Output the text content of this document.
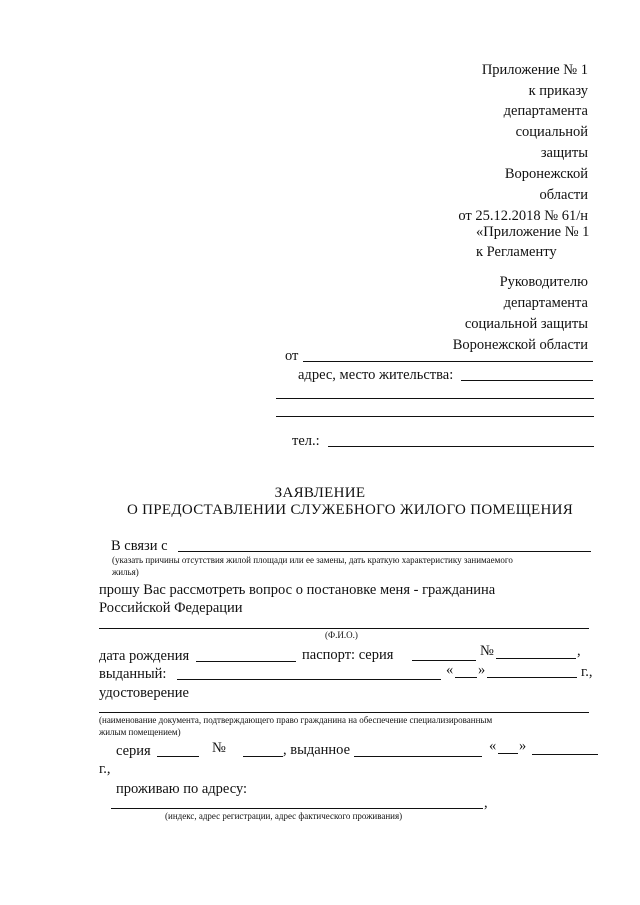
Приложение № 1
к приказу
департамента
социальной
защиты
Воронежской
области
от 25.12.2018 № 61/н
«Приложение № 1
к Регламенту
Руководителю
департамента
социальной защиты
Воронежской области
от
адрес, место жительства:
тел.:
ЗАЯВЛЕНИЕ
О ПРЕДОСТАВЛЕНИИ СЛУЖЕБНОГО ЖИЛОГО ПОМЕЩЕНИЯ
В связи с
(указать причины отсутствия жилой площади или ее замены, дать краткую характеристику занимаемого
жилья)
прошу Вас рассмотреть вопрос о постановке меня - гражданина
Российской Федерации
(Ф.И.О.)
дата рождения	паспорт: серия	№	,
выданный:	« »	г.,
удостоверение
(наименование документа, подтверждающего право гражданина на обеспечение специализированным
жилым помещением)
серия	№	, выданное	« »
г.,
проживаю по адресу:
,
(индекс, адрес регистрации, адрес фактического проживания)
